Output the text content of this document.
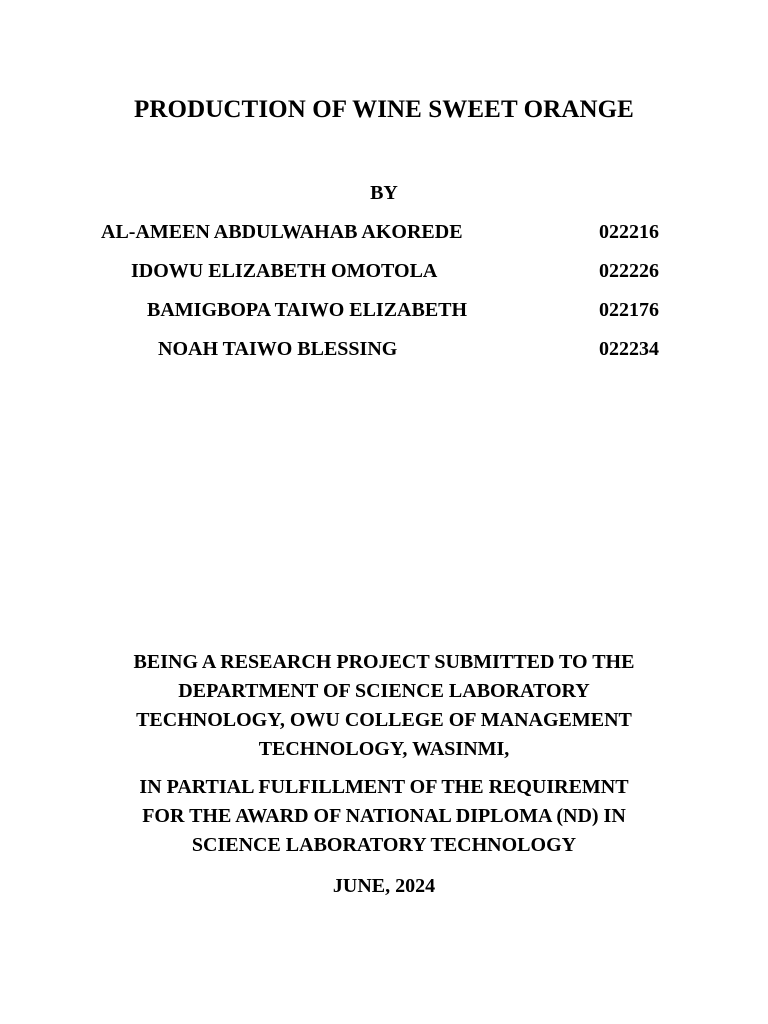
PRODUCTION OF WINE SWEET ORANGE
BY
AL-AMEEN ABDULWAHAB AKOREDE	022216
IDOWU ELIZABETH OMOTOLA	022226
BAMIGBOPA TAIWO ELIZABETH	022176
NOAH TAIWO BLESSING	022234

BEING A RESEARCH PROJECT SUBMITTED TO THE

DEPARTMENT OF SCIENCE LABORATORY

TECHNOLOGY, OWU COLLEGE OF MANAGEMENT

TECHNOLOGY, WASINMI,

IN PARTIAL FULFILLMENT OF THE REQUIREMNT

FOR THE AWARD OF NATIONAL DIPLOMA (ND) IN

SCIENCE LABORATORY TECHNOLOGY

JUNE, 2024
